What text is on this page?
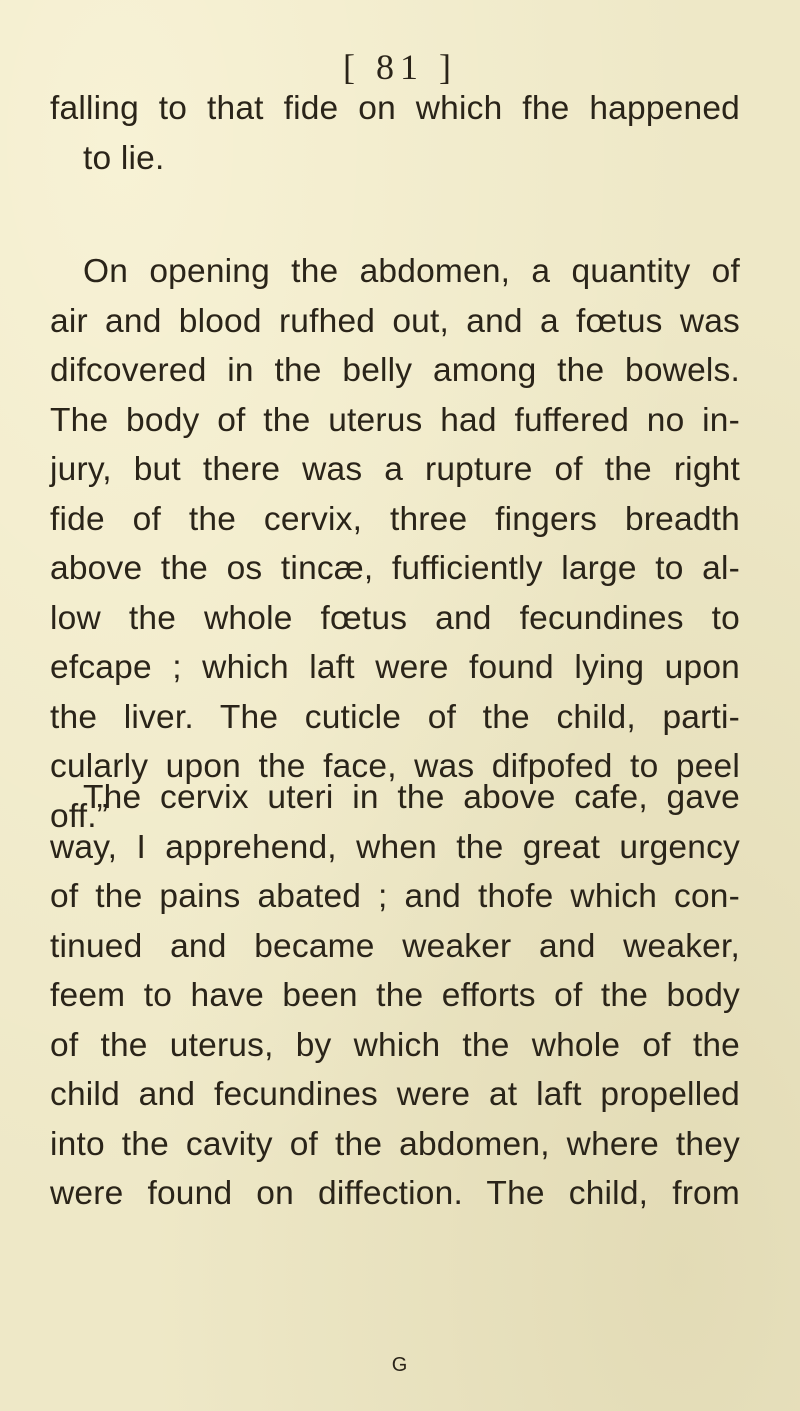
[ 81 ]
falling to that fide on which fhe happened
to lie.
On opening the abdomen, a quantity of
air and blood rufhed out, and a fœtus was
difcovered in the belly among the bowels.
The body of the uterus had fuffered no in-
jury, but there was a rupture of the right
fide of the cervix, three fingers breadth
above the os tincæ, fufficiently large to al-
low the whole fœtus and fecundines to
efcape ; which laft were found lying upon
the liver. The cuticle of the child, parti-
cularly upon the face, was difpofed to peel
off.”
The cervix uteri in the above cafe, gave
way, I apprehend, when the great urgency
of the pains abated ; and thofe which con-
tinued and became weaker and weaker,
feem to have been the efforts of the body
of the uterus, by which the whole of the
child and fecundines were at laft propelled
into the cavity of the abdomen, where they
were found on diffection. The child, from
G
